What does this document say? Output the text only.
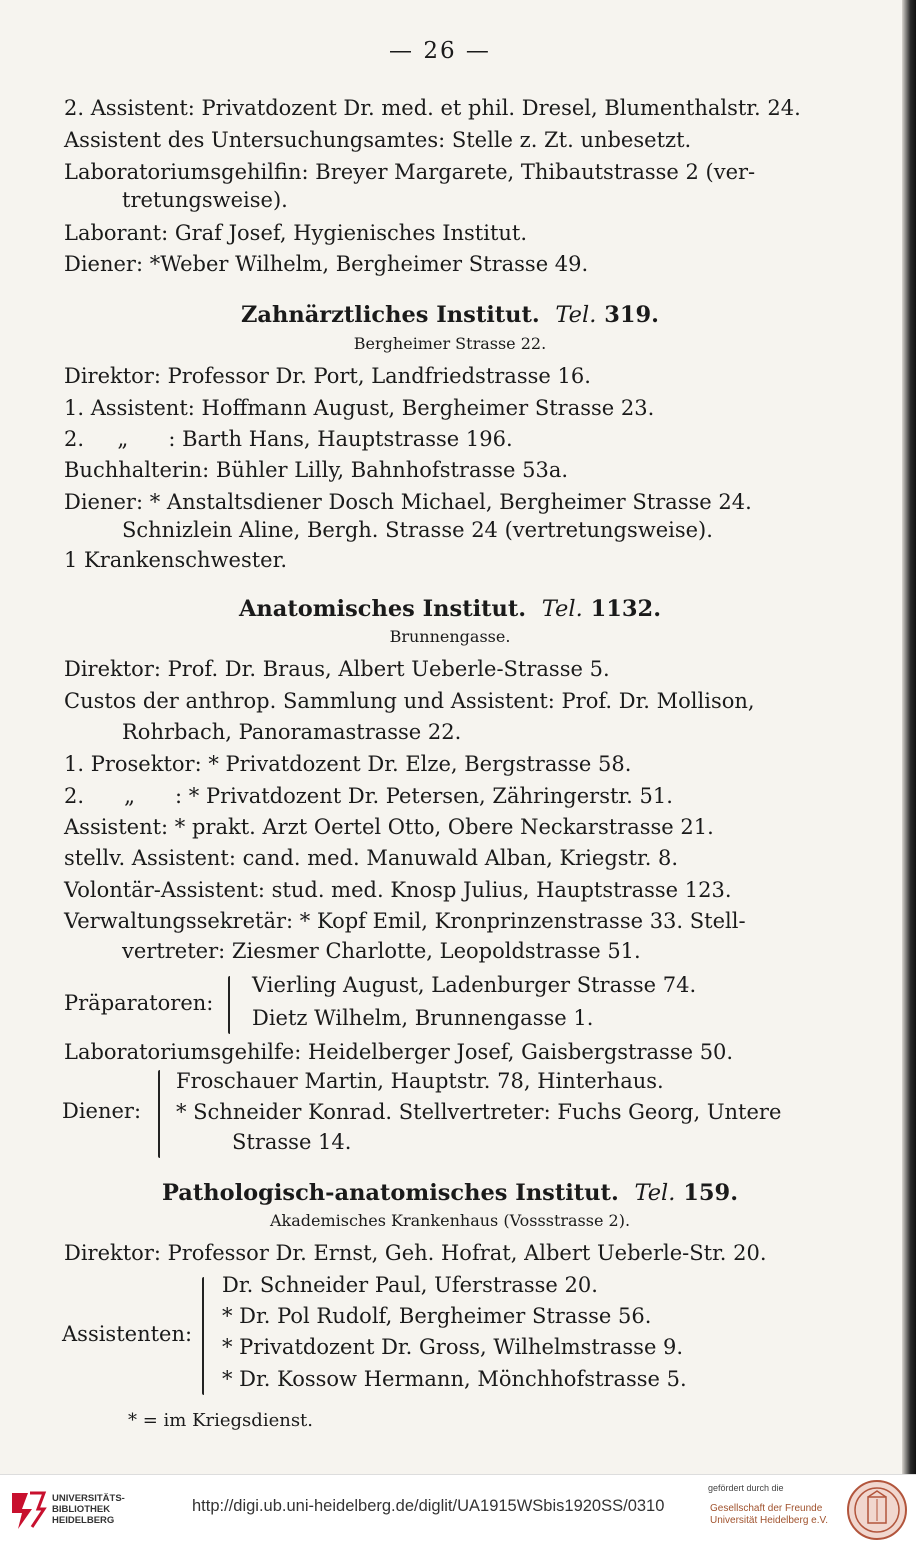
— 26 —
2. Assistent: Privatdozent Dr. med. et phil. Dresel, Blumenthalstr. 24.
Assistent des Untersuchungsamtes: Stelle z. Zt. unbesetzt.
Laboratoriumsgehilfin: Breyer Margarete, Thibautstrasse 2 (ver-
tretungsweise).
Laborant: Graf Josef, Hygienisches Institut.
Diener: *Weber Wilhelm, Bergheimer Strasse 49.
Zahnärztliches Institut. Tel. 319.
Bergheimer Strasse 22.
Direktor: Professor Dr. Port, Landfriedstrasse 16.
1. Assistent: Hoffmann August, Bergheimer Strasse 23.
2.     „      : Barth Hans, Hauptstrasse 196.
Buchhalterin: Bühler Lilly, Bahnhofstrasse 53a.
Diener: * Anstaltsdiener Dosch Michael, Bergheimer Strasse 24.
Schnizlein Aline, Bergh. Strasse 24 (vertretungsweise).
1 Krankenschwester.
Anatomisches Institut. Tel. 1132.
Brunnengasse.
Direktor: Prof. Dr. Braus, Albert Ueberle-Strasse 5.
Custos der anthrop. Sammlung und Assistent: Prof. Dr. Mollison,
Rohrbach, Panoramastrasse 22.
1. Prosektor: * Privatdozent Dr. Elze, Bergstrasse 58.
2.      „      : * Privatdozent Dr. Petersen, Zähringerstr. 51.
Assistent: * prakt. Arzt Oertel Otto, Obere Neckarstrasse 21.
stellv. Assistent: cand. med. Manuwald Alban, Kriegstr. 8.
Volontär-Assistent: stud. med. Knosp Julius, Hauptstrasse 123.
Verwaltungssekretär: * Kopf Emil, Kronprinzenstrasse 33. Stell-
vertreter: Ziesmer Charlotte, Leopoldstrasse 51.
Präparatoren:
Vierling August, Ladenburger Strasse 74.
Dietz Wilhelm, Brunnengasse 1.
Laboratoriumsgehilfe: Heidelberger Josef, Gaisbergstrasse 50.
Diener:
Froschauer Martin, Hauptstr. 78, Hinterhaus.
* Schneider Konrad. Stellvertreter: Fuchs Georg, Untere
Strasse 14.
Pathologisch-anatomisches Institut. Tel. 159.
Akademisches Krankenhaus (Vossstrasse 2).
Direktor: Professor Dr. Ernst, Geh. Hofrat, Albert Ueberle-Str. 20.
Assistenten:
Dr. Schneider Paul, Uferstrasse 20.
* Dr. Pol Rudolf, Bergheimer Strasse 56.
* Privatdozent Dr. Gross, Wilhelmstrasse 9.
* Dr. Kossow Hermann, Mönchhofstrasse 5.
* = im Kriegsdienst.
UNIVERSITÄTS-
BIBLIOTHEK
HEIDELBERG
http://digi.ub.uni-heidelberg.de/diglit/UA1915WSbis1920SS/0310
gefördert durch die
Gesellschaft der Freunde
Universität Heidelberg e.V.
